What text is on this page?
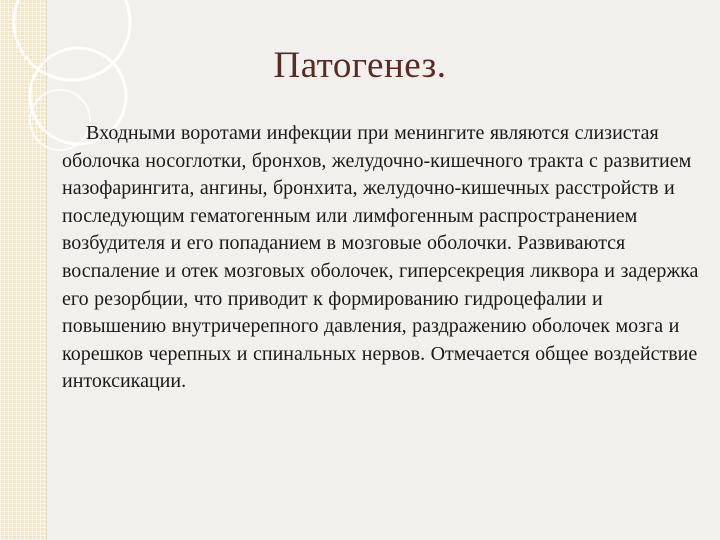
Патогенез.

Входными воротами инфекции при менингите являются слизистая оболочка носоглотки, бронхов, желудочно-кишечного тракта с развитием назофарингита, ангины, бронхита, желудочно-кишечных расстройств и последующим гематогенным или лимфогенным распространением возбудителя и его попаданием в мозговые оболочки. Развиваются воспаление и отек мозговых оболочек, гиперсекреция ликвора и задержка его резорбции, что приводит к формированию гидроцефалии и повышению внутричерепного давления, раздражению оболочек мозга и корешков черепных и спинальных нервов. Отмечается общее воздействие интоксикации.
